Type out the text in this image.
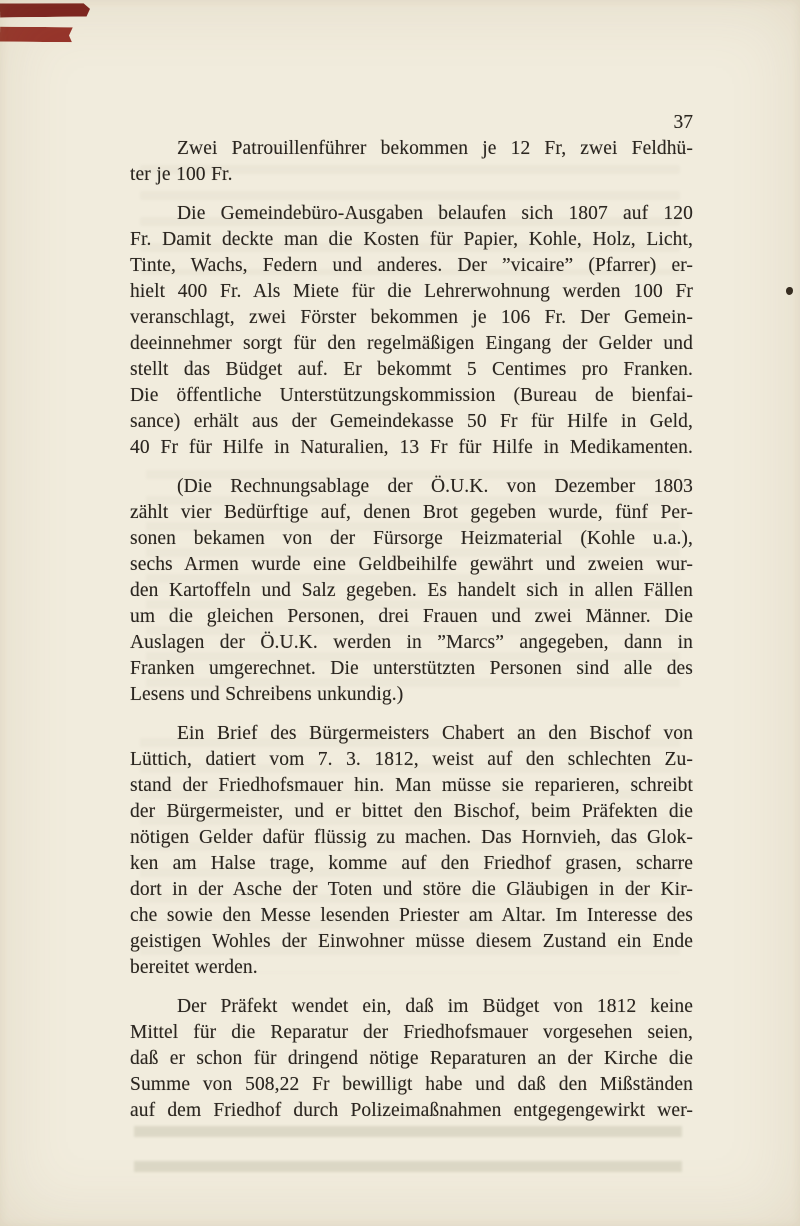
37
Zwei Patrouillenführer bekommen je 12 Fr, zwei Feldhü-
ter je 100 Fr.
Die Gemeindebüro-Ausgaben belaufen sich 1807 auf 120
Fr. Damit deckte man die Kosten für Papier, Kohle, Holz, Licht,
Tinte, Wachs, Federn und anderes. Der ”vicaire” (Pfarrer) er-
hielt 400 Fr. Als Miete für die Lehrerwohnung werden 100 Fr
veranschlagt, zwei Förster bekommen je 106 Fr. Der Gemein-
deeinnehmer sorgt für den regelmäßigen Eingang der Gelder und
stellt das Büdget auf. Er bekommt 5 Centimes pro Franken.
Die öffentliche Unterstützungskommission (Bureau de bienfai-
sance) erhält aus der Gemeindekasse 50 Fr für Hilfe in Geld,
40 Fr für Hilfe in Naturalien, 13 Fr für Hilfe in Medikamenten.
(Die Rechnungsablage der Ö.U.K. von Dezember 1803
zählt vier Bedürftige auf, denen Brot gegeben wurde, fünf Per-
sonen bekamen von der Fürsorge Heizmaterial (Kohle u.a.),
sechs Armen wurde eine Geldbeihilfe gewährt und zweien wur-
den Kartoffeln und Salz gegeben. Es handelt sich in allen Fällen
um die gleichen Personen, drei Frauen und zwei Männer. Die
Auslagen der Ö.U.K. werden in ”Marcs” angegeben, dann in
Franken umgerechnet. Die unterstützten Personen sind alle des
Lesens und Schreibens unkundig.)
Ein Brief des Bürgermeisters Chabert an den Bischof von
Lüttich, datiert vom 7. 3. 1812, weist auf den schlechten Zu-
stand der Friedhofsmauer hin. Man müsse sie reparieren, schreibt
der Bürgermeister, und er bittet den Bischof, beim Präfekten die
nötigen Gelder dafür flüssig zu machen. Das Hornvieh, das Glok-
ken am Halse trage, komme auf den Friedhof grasen, scharre
dort in der Asche der Toten und störe die Gläubigen in der Kir-
che sowie den Messe lesenden Priester am Altar. Im Interesse des
geistigen Wohles der Einwohner müsse diesem Zustand ein Ende
bereitet werden.
Der Präfekt wendet ein, daß im Büdget von 1812 keine
Mittel für die Reparatur der Friedhofsmauer vorgesehen seien,
daß er schon für dringend nötige Reparaturen an der Kirche die
Summe von 508,22 Fr bewilligt habe und daß den Mißständen
auf dem Friedhof durch Polizeimaßnahmen entgegengewirkt wer-
